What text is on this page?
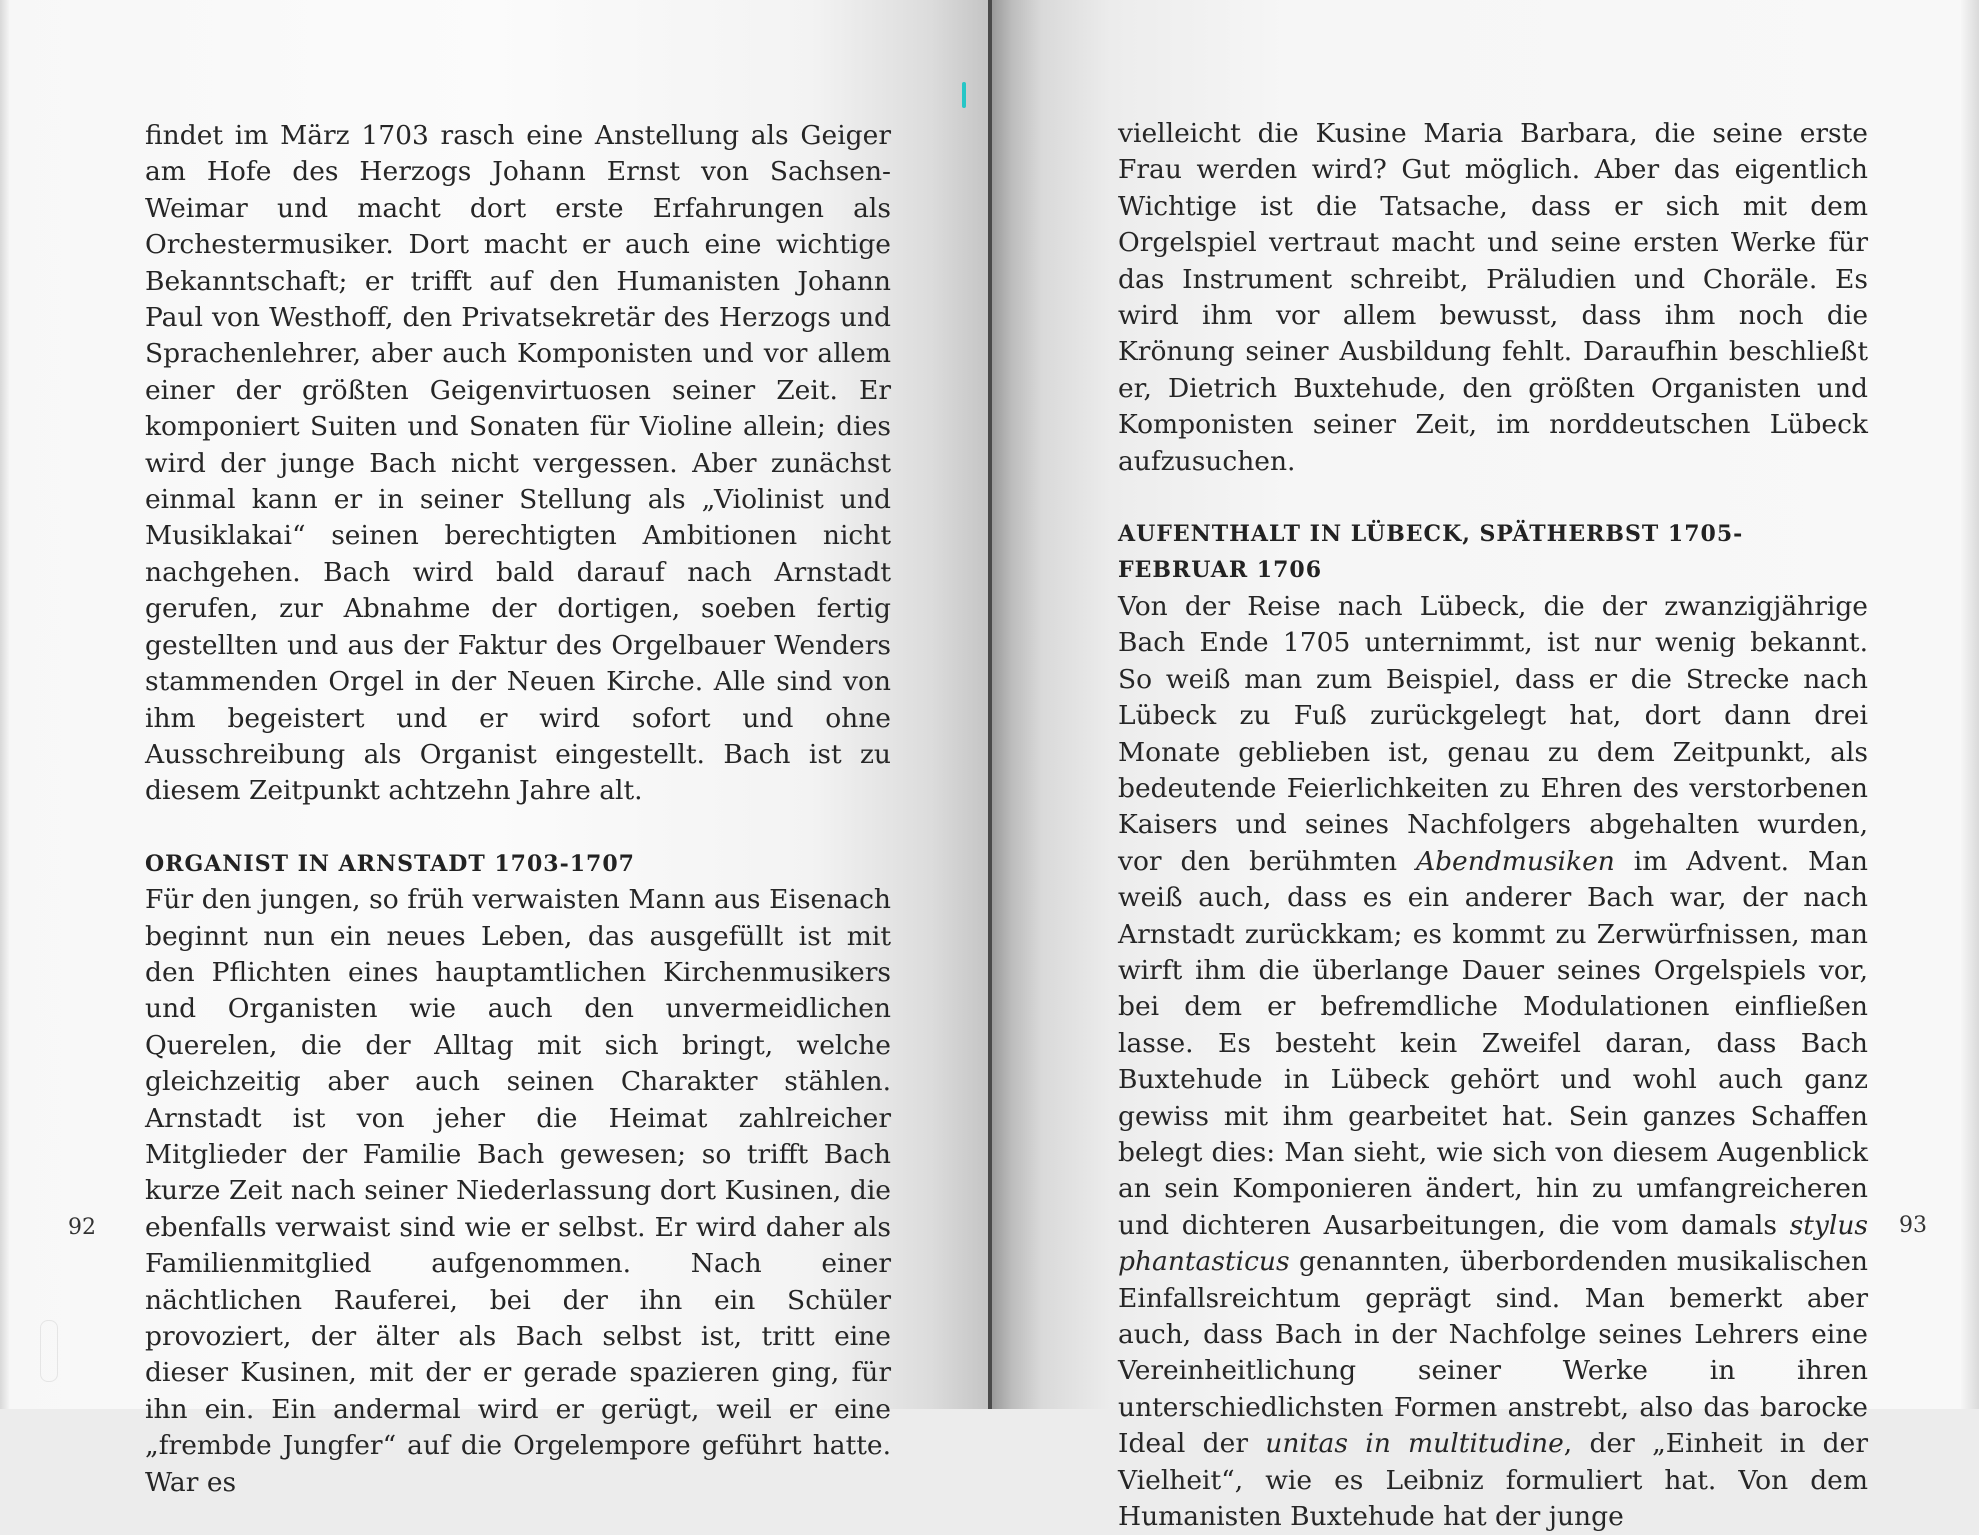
findet im März 1703 rasch eine Anstellung als Geiger am Hofe des Herzogs Johann Ernst von Sachsen-Weimar und macht dort erste Erfahrungen als Orchestermusiker. Dort macht er auch eine wichtige Bekanntschaft; er trifft auf den Humanisten Johann Paul von Westhoff, den Privatsekretär des Herzogs und Sprachenlehrer, aber auch Komponisten und vor allem einer der größten Geigenvirtuosen seiner Zeit. Er komponiert Suiten und Sonaten für Violine allein; dies wird der junge Bach nicht vergessen. Aber zunächst einmal kann er in seiner Stellung als „Violinist und Musiklakai“ seinen berechtigten Ambitionen nicht nachgehen. Bach wird bald darauf nach Arnstadt gerufen, zur Abnahme der dortigen, soeben fertig gestellten und aus der Faktur des Orgelbauer Wenders stammenden Orgel in der Neuen Kirche. Alle sind von ihm begeistert und er wird sofort und ohne Ausschreibung als Organist eingestellt. Bach ist zu diesem Zeitpunkt achtzehn Jahre alt.

ORGANIST IN ARNSTADT 1703-1707

Für den jungen, so früh verwaisten Mann aus Eisenach beginnt nun ein neues Leben, das ausgefüllt ist mit den Pflichten eines hauptamtlichen Kirchenmusikers und Organisten wie auch den unvermeidlichen Querelen, die der Alltag mit sich bringt, welche gleichzeitig aber auch seinen Charakter stählen. Arnstadt ist von jeher die Heimat zahlreicher Mitglieder der Familie Bach gewesen; so trifft Bach kurze Zeit nach seiner Niederlassung dort Kusinen, die ebenfalls verwaist sind wie er selbst. Er wird daher als Familienmitglied aufgenommen. Nach einer nächtlichen Rauferei, bei der ihn ein Schüler provoziert, der älter als Bach selbst ist, tritt eine dieser Kusinen, mit der er gerade spazieren ging, für ihn ein. Ein andermal wird er gerügt, weil er eine „frembde Jungfer“ auf die Orgelempore geführt hatte. War es

92

vielleicht die Kusine Maria Barbara, die seine erste Frau werden wird? Gut möglich. Aber das eigentlich Wichtige ist die Tatsache, dass er sich mit dem Orgelspiel vertraut macht und seine ersten Werke für das Instrument schreibt, Präludien und Choräle. Es wird ihm vor allem bewusst, dass ihm noch die Krönung seiner Ausbildung fehlt. Daraufhin beschließt er, Dietrich Buxtehude, den größten Organisten und Komponisten seiner Zeit, im norddeutschen Lübeck aufzusuchen.

AUFENTHALT IN LÜBECK, SPÄTHERBST 1705- FEBRUAR 1706

Von der Reise nach Lübeck, die der zwanzigjährige Bach Ende 1705 unternimmt, ist nur wenig bekannt. So weiß man zum Beispiel, dass er die Strecke nach Lübeck zu Fuß zurückgelegt hat, dort dann drei Monate geblieben ist, genau zu dem Zeitpunkt, als bedeutende Feierlichkeiten zu Ehren des verstorbenen Kaisers und seines Nachfolgers abgehalten wurden, vor den berühmten Abendmusiken im Advent. Man weiß auch, dass es ein anderer Bach war, der nach Arnstadt zurückkam; es kommt zu Zerwürfnissen, man wirft ihm die überlange Dauer seines Orgelspiels vor, bei dem er befremdliche Modulationen einfließen lasse. Es besteht kein Zweifel daran, dass Bach Buxtehude in Lübeck gehört und wohl auch ganz gewiss mit ihm gearbeitet hat. Sein ganzes Schaffen belegt dies: Man sieht, wie sich von diesem Augenblick an sein Komponieren ändert, hin zu umfangreicheren und dichteren Ausarbeitungen, die vom damals stylus phantasticus genannten, überbordenden musikalischen Einfallsreichtum geprägt sind. Man bemerkt aber auch, dass Bach in der Nachfolge seines Lehrers eine Vereinheitlichung seiner Werke in ihren unterschiedlichsten Formen anstrebt, also das barocke Ideal der unitas in multitudine, der „Einheit in der Vielheit“, wie es Leibniz formuliert hat. Von dem Humanisten Buxtehude hat der junge

93
